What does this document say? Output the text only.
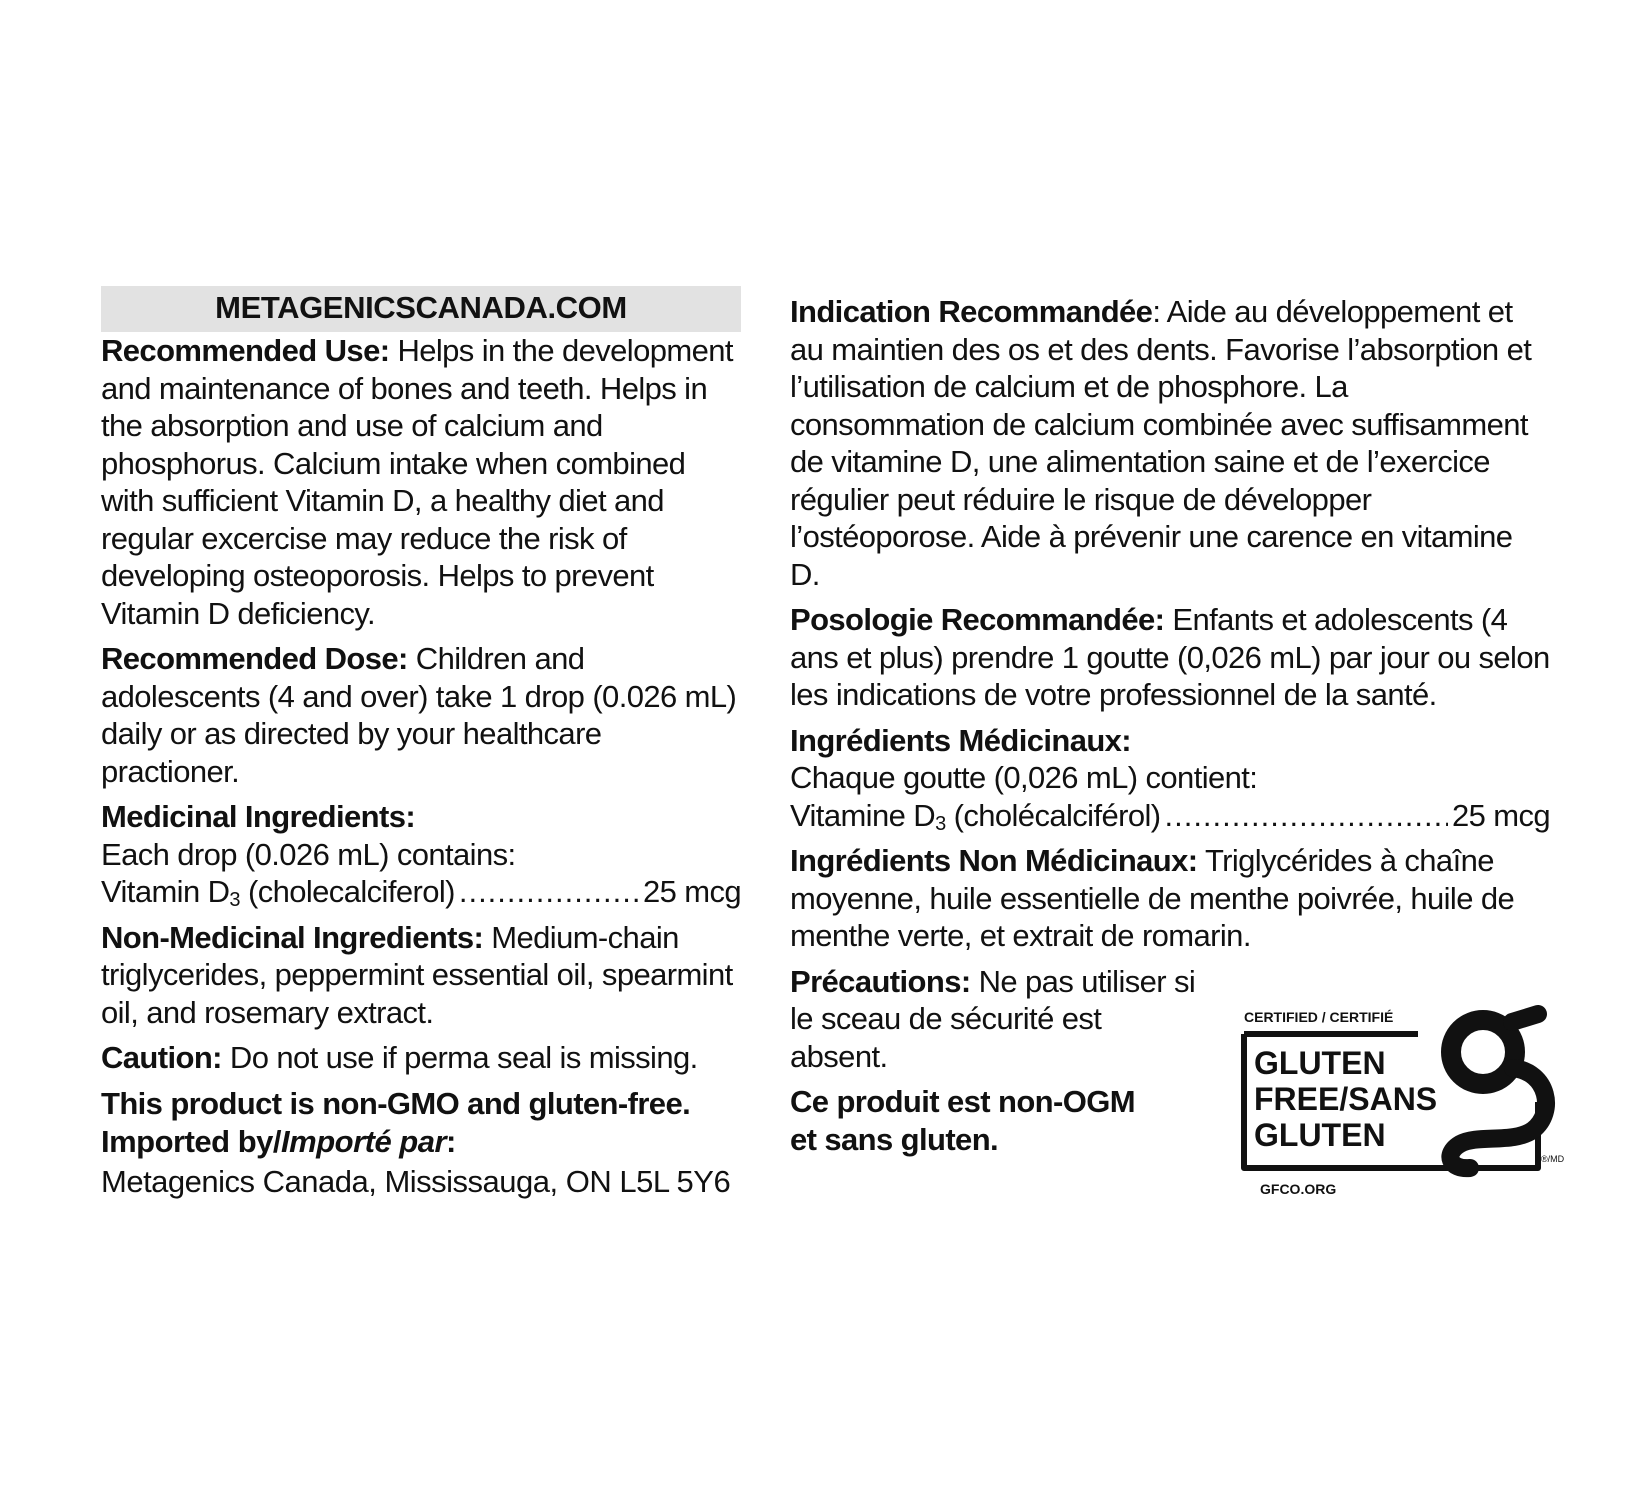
METAGENICSCANADA.COM

Recommended Use: Helps in the development and maintenance of bones and teeth. Helps in the absorption and use of calcium and phosphorus. Calcium intake when combined with sufficient Vitamin D, a healthy diet and regular excercise may reduce the risk of developing osteoporosis. Helps to prevent Vitamin D deficiency.

Recommended Dose: Children and adolescents (4 and over) take 1 drop (0.026 mL) daily or as directed by your healthcare practioner.

Medicinal Ingredients:

Each drop (0.026 mL) contains:

Vitamin $D_3$ (cholecalciferol) .....	25 mcg

Non-Medicinal Ingredients: Medium-chain triglycerides, peppermint essential oil, spearmint oil, and rosemary extract.

Caution: Do not use if perma seal is missing.

This product is non-GMO and gluten-free.

Imported by/Importé par:

Metagenics Canada, Mississauga, ON L5L 5Y6

Indication Recommandée: Aide au développement et au maintien des os et des dents. Favorise l’absorption et l’utilisation de calcium et de phosphore. La consommation de calcium combinée avec suffisamment de vitamine D, une alimentation saine et de l’exercice régulier peut réduire le risque de développer l’ostéoporose. Aide à prévenir une carence en vitamine D.

Posologie Recommandée: Enfants et adolescents (4 ans et plus) prendre 1 goutte (0,026 mL) par jour ou selon les indications de votre professionnel de la santé.

Ingrédients Médicinaux:

Chaque goutte (0,026 mL) contient:

Vitamine $D_3$ (cholécalciférol) .....	25 mcg

Ingrédients Non Médicinaux: Triglycérides à chaîne moyenne, huile essentielle de menthe poivrée, huile de menthe verte, et extrait de romarin.

Précautions: Ne pas utiliser si le sceau de sécurité est absent.

Ce produit est non-OGM et sans gluten.

CERTIFIED / CERTIFIÉ
GLUTEN
FREE/SANS
GLUTEN
®/MD
GFCO.ORG
